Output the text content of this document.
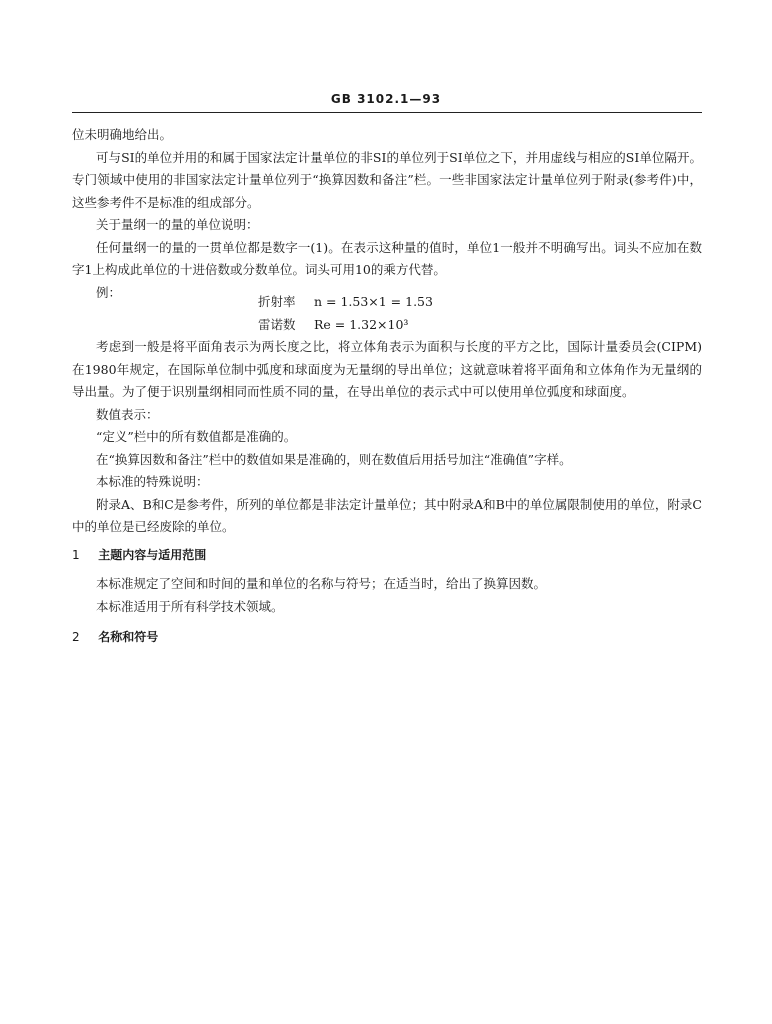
GB 3102.1—93

位未明确地给出。

可与SI的单位并用的和属于国家法定计量单位的非SI的单位列于SI单位之下，并用虚线与相应的SI单位隔开。专门领域中使用的非国家法定计量单位列于“换算因数和备注”栏。一些非国家法定计量单位列于附录(参考件)中，这些参考件不是标准的组成部分。

关于量纲一的量的单位说明：

任何量纲一的量的一贯单位都是数字一(1)。在表示这种量的值时，单位1一般并不明确写出。词头不应加在数字1上构成此单位的十进倍数或分数单位。词头可用10的乘方代替。

例：

折射率 n = 1.53×1 = 1.53
雷诺数 Re = 1.32×10³

考虑到一般是将平面角表示为两长度之比，将立体角表示为面积与长度的平方之比，国际计量委员会(CIPM)在1980年规定，在国际单位制中弧度和球面度为无量纲的导出单位；这就意味着将平面角和立体角作为无量纲的导出量。为了便于识别量纲相同而性质不同的量，在导出单位的表示式中可以使用单位弧度和球面度。

数值表示：

“定义”栏中的所有数值都是准确的。

在“换算因数和备注”栏中的数值如果是准确的，则在数值后用括号加注“准确值”字样。

本标准的特殊说明：

附录A、B和C是参考件，所列的单位都是非法定计量单位；其中附录A和B中的单位属限制使用的单位，附录C中的单位是已经废除的单位。

1 主题内容与适用范围

本标准规定了空间和时间的量和单位的名称与符号；在适当时，给出了换算因数。

本标准适用于所有科学技术领域。

2 名称和符号
